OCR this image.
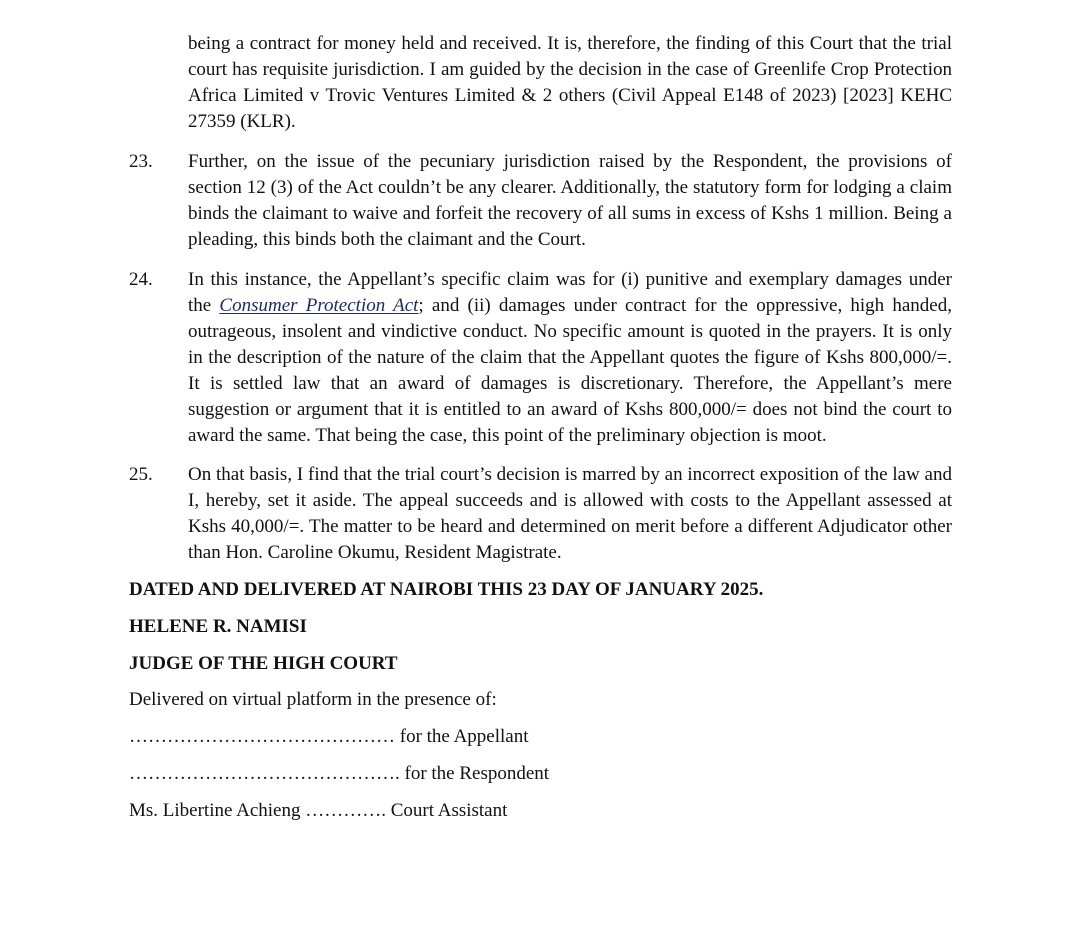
being a contract for money held and received. It is, therefore, the finding of this Court that the trial court has requisite jurisdiction. I am guided by the decision in the case of Greenlife Crop Protection Africa Limited v Trovic Ventures Limited & 2 others (Civil Appeal E148 of 2023) [2023] KEHC 27359 (KLR).
23. Further, on the issue of the pecuniary jurisdiction raised by the Respondent, the provisions of section 12 (3) of the Act couldn’t be any clearer. Additionally, the statutory form for lodging a claim binds the claimant to waive and forfeit the recovery of all sums in excess of Kshs 1 million. Being a pleading, this binds both the claimant and the Court.
24. In this instance, the Appellant’s specific claim was for (i) punitive and exemplary damages under the Consumer Protection Act; and (ii) damages under contract for the oppressive, high handed, outrageous, insolent and vindictive conduct. No specific amount is quoted in the prayers. It is only in the description of the nature of the claim that the Appellant quotes the figure of Kshs 800,000/=. It is settled law that an award of damages is discretionary. Therefore, the Appellant’s mere suggestion or argument that it is entitled to an award of Kshs 800,000/= does not bind the court to award the same. That being the case, this point of the preliminary objection is moot.
25. On that basis, I find that the trial court’s decision is marred by an incorrect exposition of the law and I, hereby, set it aside. The appeal succeeds and is allowed with costs to the Appellant assessed at Kshs 40,000/=. The matter to be heard and determined on merit before a different Adjudicator other than Hon. Caroline Okumu, Resident Magistrate.
DATED AND DELIVERED AT NAIROBI THIS 23 DAY OF JANUARY 2025.
HELENE R. NAMISI
JUDGE OF THE HIGH COURT
Delivered on virtual platform in the presence of:
…………………………………… for the Appellant
……………………………………. for the Respondent
Ms. Libertine Achieng …………. Court Assistant
